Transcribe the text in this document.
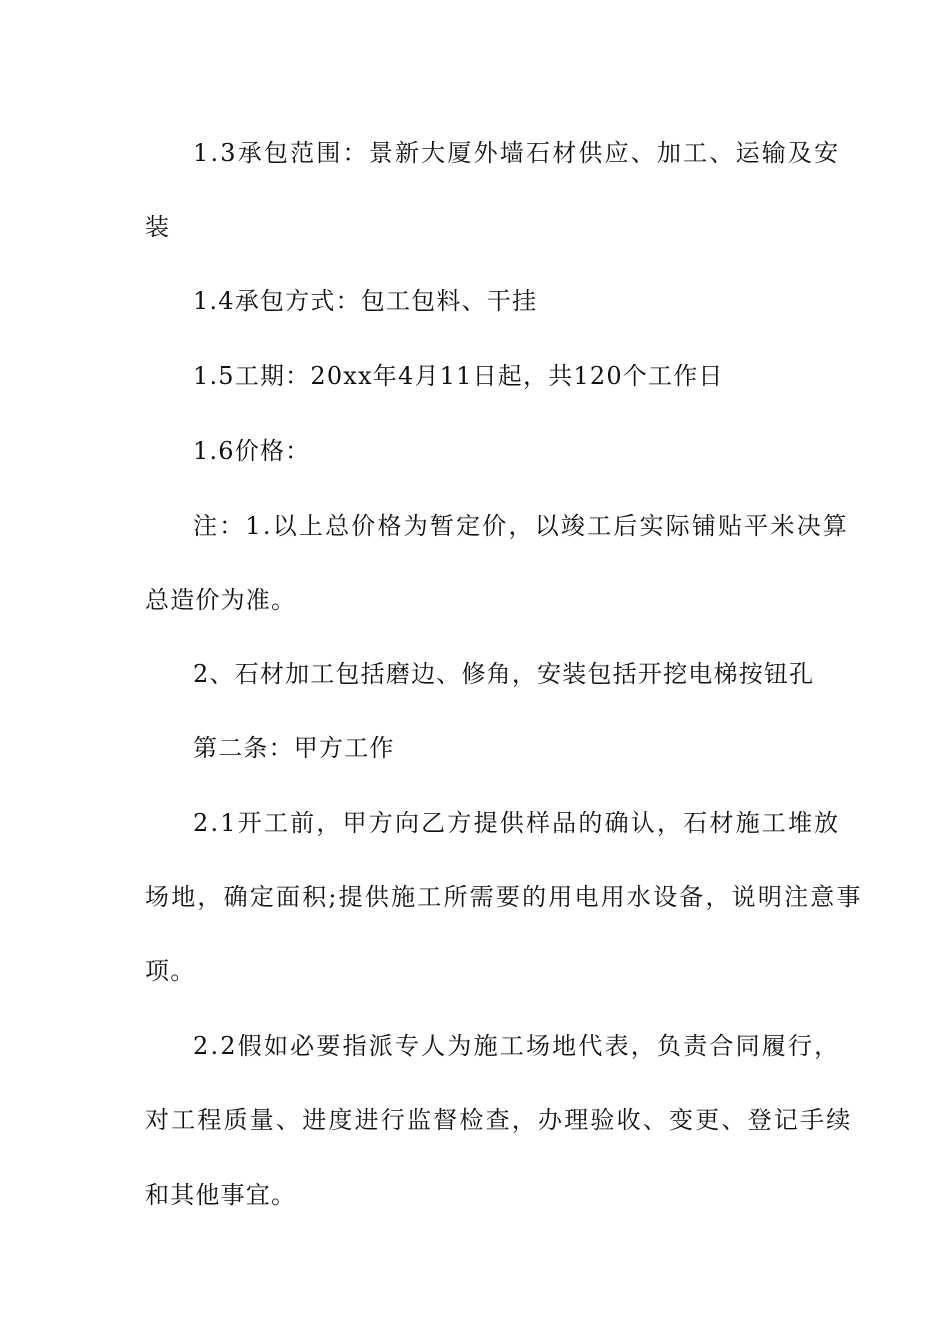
1.3承包范围：景新大厦外墙石材供应、加工、运输及安
装
1.4承包方式：包工包料、干挂
1.5工期：20xx年4月11日起，共120个工作日
1.6价格：
注：1.以上总价格为暂定价，以竣工后实际铺贴平米决算
总造价为准。
2、石材加工包括磨边、修角，安装包括开挖电梯按钮孔
第二条：甲方工作
2.1开工前，甲方向乙方提供样品的确认，石材施工堆放
场地，确定面积;提供施工所需要的用电用水设备，说明注意事
项。
2.2假如必要指派专人为施工场地代表，负责合同履行，
对工程质量、进度进行监督检查，办理验收、变更、登记手续
和其他事宜。
